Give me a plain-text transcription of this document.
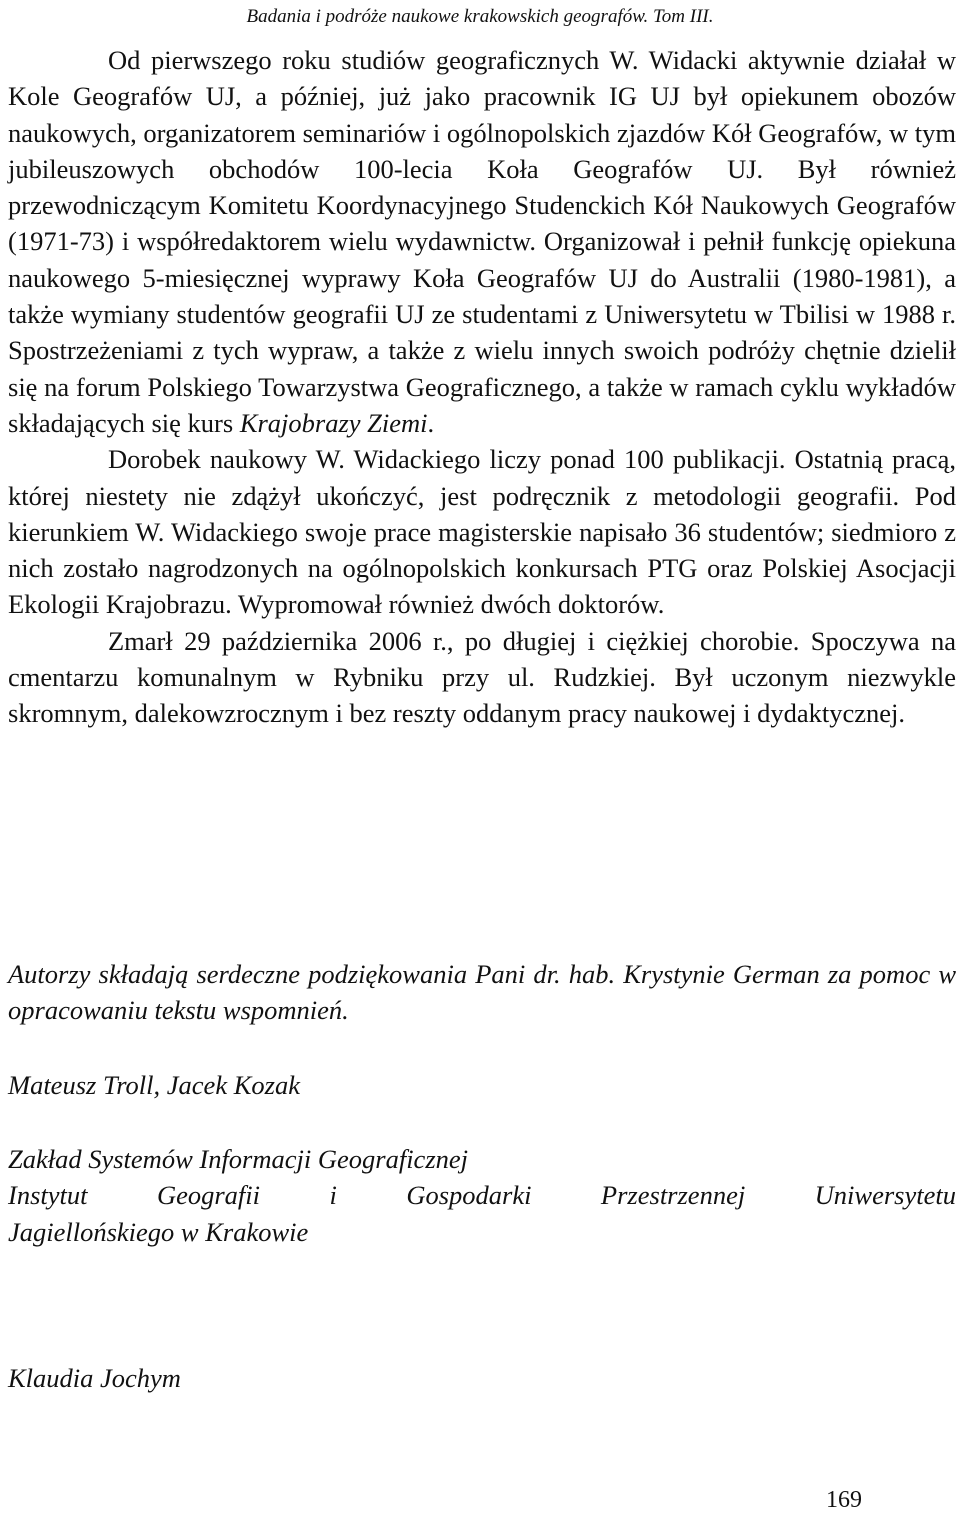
Badania i podróże naukowe krakowskich geografów. Tom III.

Od pierwszego roku studiów geograficznych W. Widacki aktywnie działał w Kole Geografów UJ, a później, już jako pracownik IG UJ był opiekunem obozów naukowych, organizatorem seminariów i ogólnopolskich zjazdów Kół Geografów, w tym jubileuszowych obchodów 100-lecia Koła Geografów UJ. Był również przewodniczącym Komitetu Koordynacyjnego Studenckich Kół Naukowych Geografów (1971-73) i współredaktorem wielu wydawnictw. Organizował i pełnił funkcję opiekuna naukowego 5-miesięcznej wyprawy Koła Geografów UJ do Australii (1980-1981), a także wymiany studentów geografii UJ ze studentami z Uniwersytetu w Tbilisi w 1988 r. Spostrzeżeniami z tych wypraw, a także z wielu innych swoich podróży chętnie dzielił się na forum Polskiego Towarzystwa Geograficznego, a także w ramach cyklu wykładów składających się kurs Krajobrazy Ziemi.

Dorobek naukowy W. Widackiego liczy ponad 100 publikacji. Ostatnią pracą, której niestety nie zdążył ukończyć, jest podręcznik z metodologii geografii. Pod kierunkiem W. Widackiego swoje prace magisterskie napisało 36 studentów; siedmioro z nich zostało nagrodzonych na ogólnopolskich konkursach PTG oraz Polskiej Asocjacji Ekologii Krajobrazu. Wypromował również dwóch doktorów.

Zmarł 29 października 2006 r., po długiej i ciężkiej chorobie. Spoczywa na cmentarzu komunalnym w Rybniku przy ul. Rudzkiej. Był uczonym niezwykle skromnym, dalekowzrocznym i bez reszty oddanym pracy naukowej i dydaktycznej.

Autorzy składają serdeczne podziękowania Pani dr. hab. Krystynie German za pomoc w opracowaniu tekstu wspomnień.
Mateusz Troll, Jacek Kozak
Zakład Systemów Informacji Geograficznej
Instytut Geografii i Gospodarki Przestrzennej Uniwersytetu
Jagiellońskiego w Krakowie
Klaudia Jochym
169
